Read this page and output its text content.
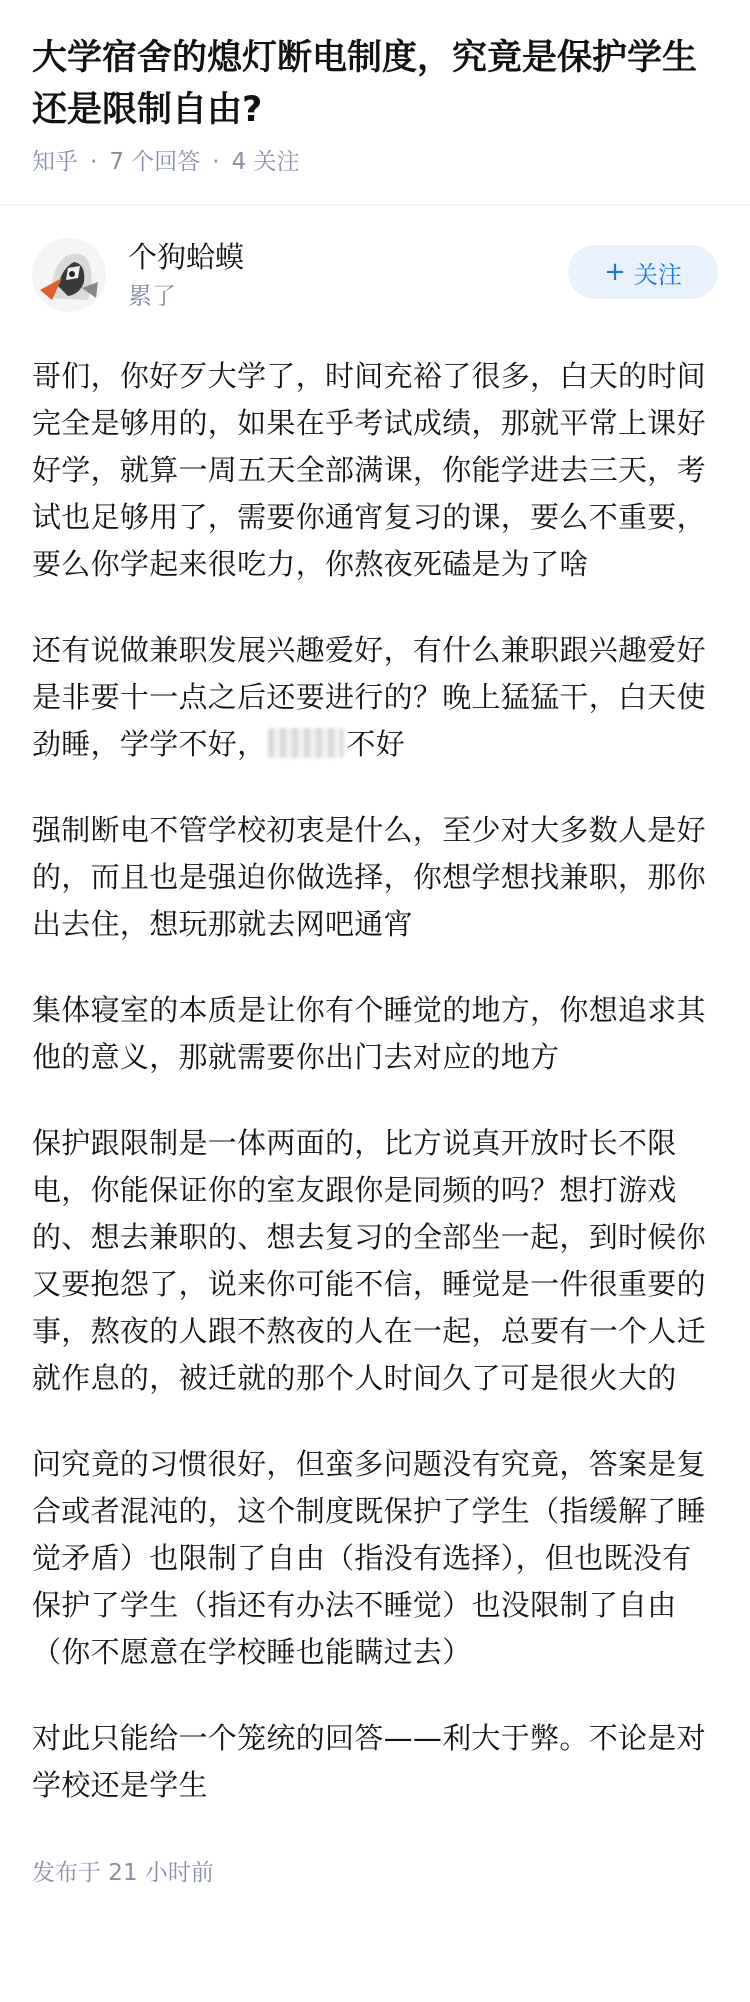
大学宿舍的熄灯断电制度，究竟是保护学生还是限制自由?
知乎 · 7 个回答 · 4 关注
个狗蛤蟆
累了
+ 关注

哥们，你好歹大学了，时间充裕了很多，白天的时间完全是够用的，如果在乎考试成绩，那就平常上课好好学，就算一周五天全部满课，你能学进去三天，考试也足够用了，需要你通宵复习的课，要么不重要，要么你学起来很吃力，你熬夜死磕是为了啥

还有说做兼职发展兴趣爱好，有什么兼职跟兴趣爱好是非要十一点之后还要进行的？晚上猛猛干，白天使劲睡，学学不好，	不好

强制断电不管学校初衷是什么，至少对大多数人是好的，而且也是强迫你做选择，你想学想找兼职，那你出去住，想玩那就去网吧通宵

集体寝室的本质是让你有个睡觉的地方，你想追求其他的意义，那就需要你出门去对应的地方

保护跟限制是一体两面的，比方说真开放时长不限电，你能保证你的室友跟你是同频的吗？想打游戏的、想去兼职的、想去复习的全部坐一起，到时候你又要抱怨了，说来你可能不信，睡觉是一件很重要的事，熬夜的人跟不熬夜的人在一起，总要有一个人迁就作息的，被迁就的那个人时间久了可是很火大的

问究竟的习惯很好，但蛮多问题没有究竟，答案是复合或者混沌的，这个制度既保护了学生（指缓解了睡觉矛盾）也限制了自由（指没有选择），但也既没有保护了学生（指还有办法不睡觉）也没限制了自由（你不愿意在学校睡也能瞒过去）

对此只能给一个笼统的回答——利大于弊。不论是对学校还是学生

发布于 21 小时前
